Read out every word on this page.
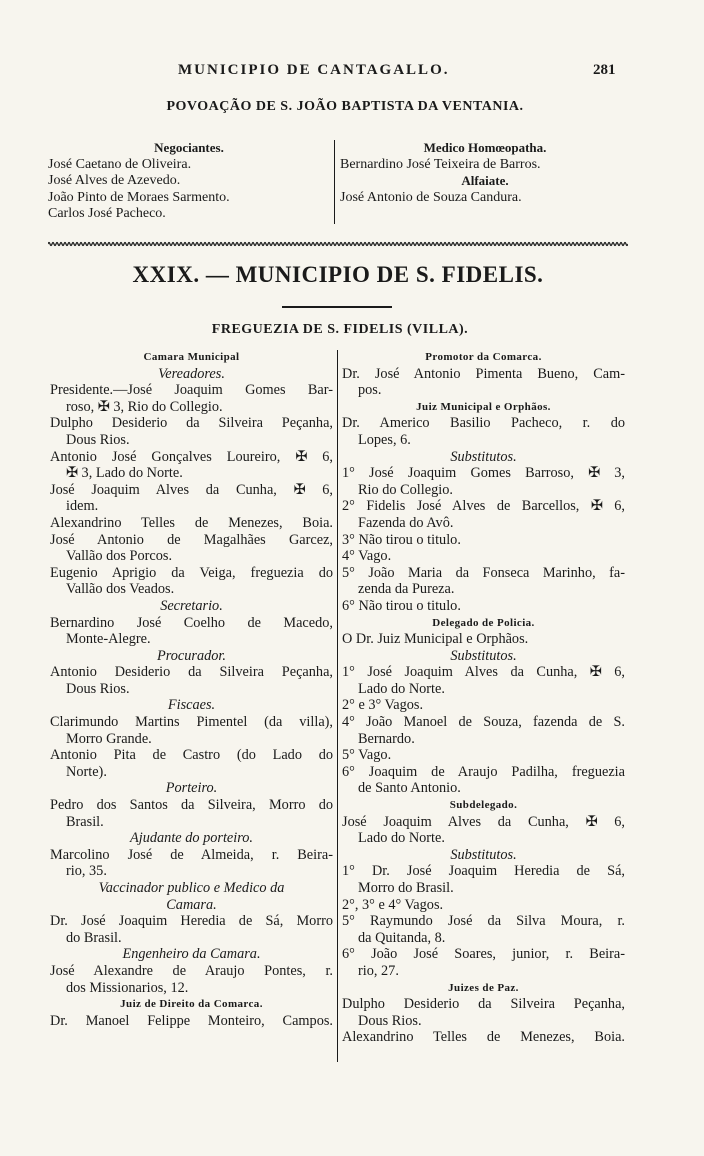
MUNICIPIO DE CANTAGALLO.	281
POVOAÇÃO DE S. JOÃO BAPTISTA DA VENTANIA.
Negociantes.
José Caetano de Oliveira.
José Alves de Azevedo.
João Pinto de Moraes Sarmento.
Carlos José Pacheco.
Medico Homœopatha.
Bernardino José Teixeira de Barros.
Alfaiate.
José Antonio de Souza Candura.
XXIX. — MUNICIPIO DE S. FIDELIS.
FREGUEZIA DE S. FIDELIS (VILLA).
Camara Municipal
Vereadores.
Presidente.—José Joaquim Gomes Bar-
roso, ✠ 3, Rio do Collegio.
Dulpho Desiderio da Silveira Peçanha,
Dous Rios.
Antonio José Gonçalves Loureiro, ✠ 6,
✠ 3, Lado do Norte.
José Joaquim Alves da Cunha, ✠ 6,
idem.
Alexandrino Telles de Menezes, Boia.
José Antonio de Magalhães Garcez,
Vallão dos Porcos.
Eugenio Aprigio da Veiga, freguezia do
Vallão dos Veados.
Secretario.
Bernardino José Coelho de Macedo,
Monte-Alegre.
Procurador.
Antonio Desiderio da Silveira Peçanha,
Dous Rios.
Fiscaes.
Clarimundo Martins Pimentel (da villa),
Morro Grande.
Antonio Pita de Castro (do Lado do
Norte).
Porteiro.
Pedro dos Santos da Silveira, Morro do
Brasil.
Ajudante do porteiro.
Marcolino José de Almeida, r. Beira-
rio, 35.
Vaccinador publico e Medico da
Camara.
Dr. José Joaquim Heredia de Sá, Morro
do Brasil.
Engenheiro da Camara.
José Alexandre de Araujo Pontes, r.
dos Missionarios, 12.
Juiz de Direito da Comarca.
Dr. Manoel Felippe Monteiro, Campos.
Promotor da Comarca.
Dr. José Antonio Pimenta Bueno, Cam-
pos.
Juiz Municipal e Orphãos.
Dr. Americo Basilio Pacheco, r. do
Lopes, 6.
Substitutos.
1° José Joaquim Gomes Barroso, ✠ 3,
Rio do Collegio.
2° Fidelis José Alves de Barcellos, ✠ 6,
Fazenda do Avô.
3° Não tirou o titulo.
4° Vago.
5° João Maria da Fonseca Marinho, fa-
zenda da Pureza.
6° Não tirou o titulo.
Delegado de Policia.
O Dr. Juiz Municipal e Orphãos.
Substitutos.
1° José Joaquim Alves da Cunha, ✠ 6,
Lado do Norte.
2° e 3° Vagos.
4° João Manoel de Souza, fazenda de S.
Bernardo.
5° Vago.
6° Joaquim de Araujo Padilha, freguezia
de Santo Antonio.
Subdelegado.
José Joaquim Alves da Cunha, ✠ 6,
Lado do Norte.
Substitutos.
1° Dr. José Joaquim Heredia de Sá,
Morro do Brasil.
2°, 3° e 4° Vagos.
5° Raymundo José da Silva Moura, r.
da Quitanda, 8.
6° João José Soares, junior, r. Beira-
rio, 27.
Juizes de Paz.
Dulpho Desiderio da Silveira Peçanha,
Dous Rios.
Alexandrino Telles de Menezes, Boia.
